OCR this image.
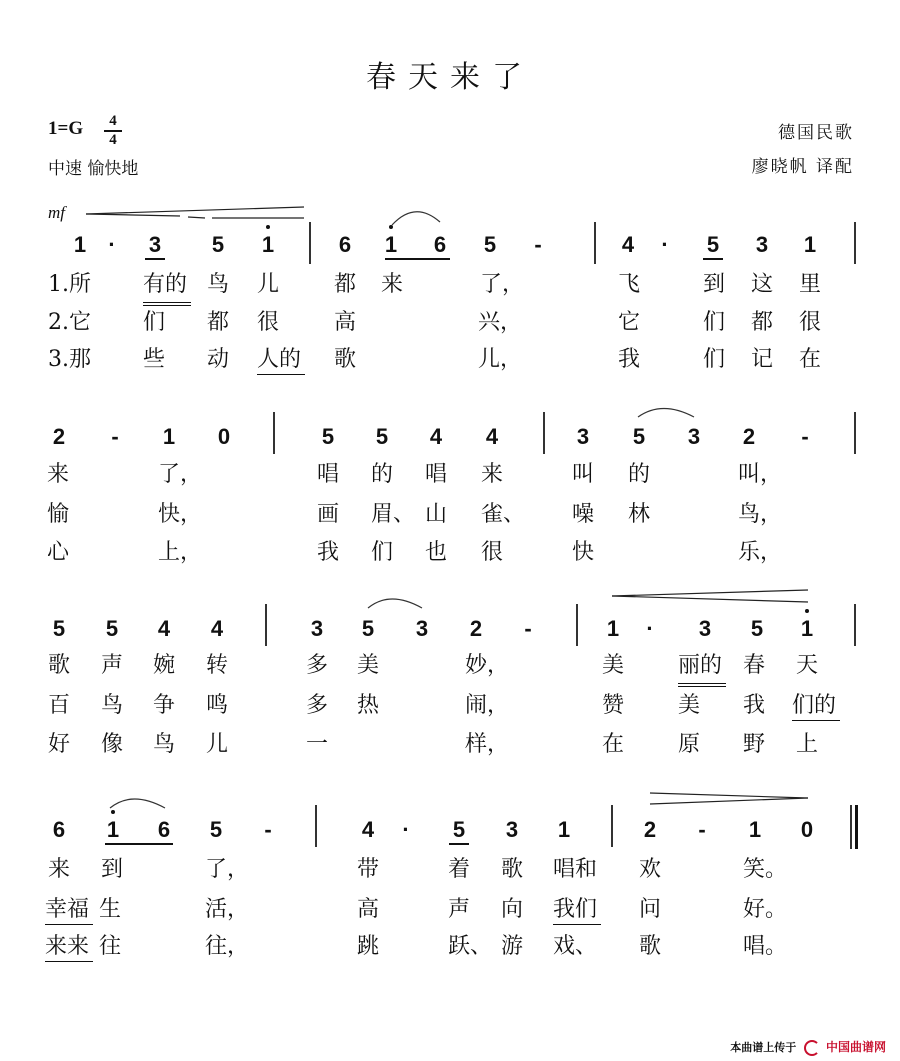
春天来了
1=G	4
4
中速 愉快地
德国民歌
廖晓帆 译配
mf
1	·	3 5 1	6 1 6 5	-	4	·	5 3 1
1.所 有的 鸟 儿 都 来	了，	飞	到 这 里
2.它 们 都 很 高	兴，	它	们 都 很
3.那 些 动 人的 歌	儿，	我	们 记 在
2	-	1 0	5 5 4 4	3 5 3 2	-
来	了，	唱 的 唱 来	叫 的	叫，
愉	快，	画 眉、 山 雀、 噪 林	鸟，
心	上，	我 们 也 很	快	乐，
5 5 4 4	3 5 3 2	-	1	·	3 5 1
歌 声 婉 转	多 美	妙，	美 丽的 春 天
百 鸟 争 鸣	多 热	闹，	赞 美 我 们的
好 像 鸟 儿	一	样，	在 原 野 上
6 1 6 5	-	4	·	5 3 1	2	-	1 0
来 到	了，	带	着 歌 唱和 欢	笑。
幸福 生	活，	高	声 向 我们 问	好。
来来 往	往，	跳	跃、 游 戏、 歌	唱。
本曲谱上传于 中国曲谱网
